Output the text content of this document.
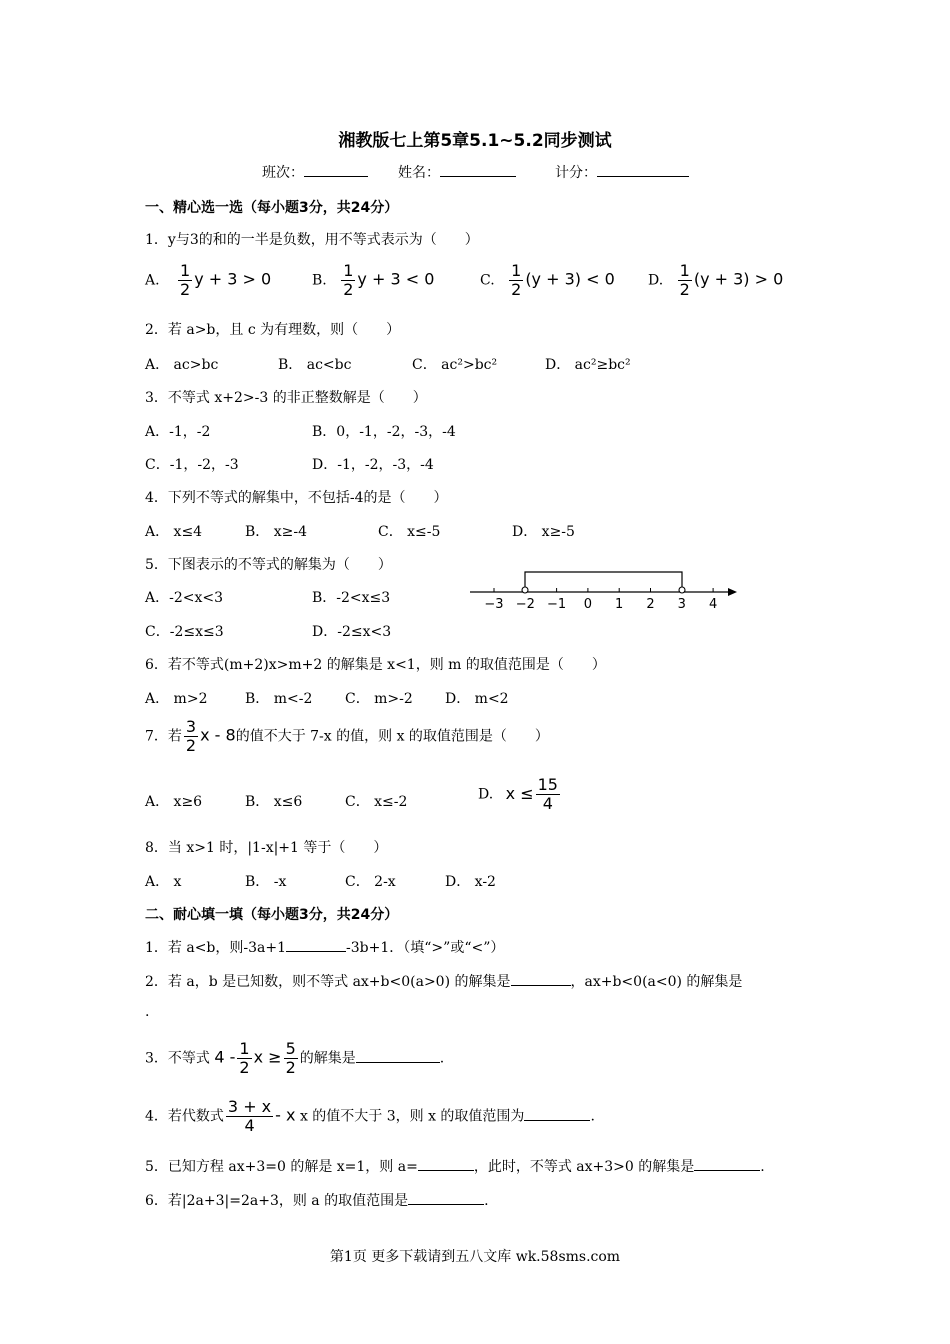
湘教版七上第5章5.1~5.2同步测试
班次：	姓名：	计分：
一、精心选一选（每小题3分，共24分）
1．y与3的和的一半是负数，用不等式表示为（　　）
A. $\frac{1}{2}$ y + 3 > 0	B. $\frac{1}{2}$ y + 3 < 0	C. $\frac{1}{2} (y + 3) < 0$ D. $\frac{1}{2} (y + 3) > 0$
2．若 a>b，且 c 为有理数，则（　　）
A． ac>bc	B． ac<bc	C． ac²>bc²	D． ac²≥bc²
3．不等式 x+2>-3 的非正整数解是（　　）
A．-1，-2	B．0，-1，-2，-3，-4
C．-1，-2，-3	D．-1，-2，-3，-4
4．下列不等式的解集中，不包括-4的是（　　）
A． x≤4	B． x≥-4	C． x≤-5	D． x≥-5
5．下图表示的不等式的解集为（　　）
A．-2<x<3	B．-2<x≤3
C．-2≤x≤3	D．-2≤x<3
−3 −2 −1 0 1 2 3 4
6．若不等式(m+2)x>m+2 的解集是 x<1，则 m 的取值范围是（　　）
A． m>2	B． m<-2 C． m>-2 D． m<2
7．若 $\frac{3}{2}$ x - 8的值不大于 7-x 的值，则 x 的取值范围是（　　）
A． x≥6	B． x≤6	C． x≤-2	D. $x \le \frac{15}{4}$
8．当 x>1 时，|1-x|+1 等于（　　）
A． x	B． -x	C． 2-x	D． x-2
二、耐心填一填（每小题3分，共24分）
1．若 a<b，则-3a+1	-3b+1．（填“>”或“<”）
2．若 a，b 是已知数，则不等式 ax+b<0(a>0) 的解集是	，ax+b<0(a<0) 的解集是
.
3．不等式 $4 - \frac{1}{2}$ $x \ge \frac{5}{2}$ 的解集是	.
4．若代数式 $\frac{3 + x}{4}$ - x x 的值不大于 3，则 x 的取值范围为	.
5．已知方程 ax+3=0 的解是 x=1，则 a=	，此时，不等式 ax+3>0 的解集是	.
6．若|2a+3|=2a+3，则 a 的取值范围是	.
第1页 更多下载请到五八文库 wk.58sms.com
